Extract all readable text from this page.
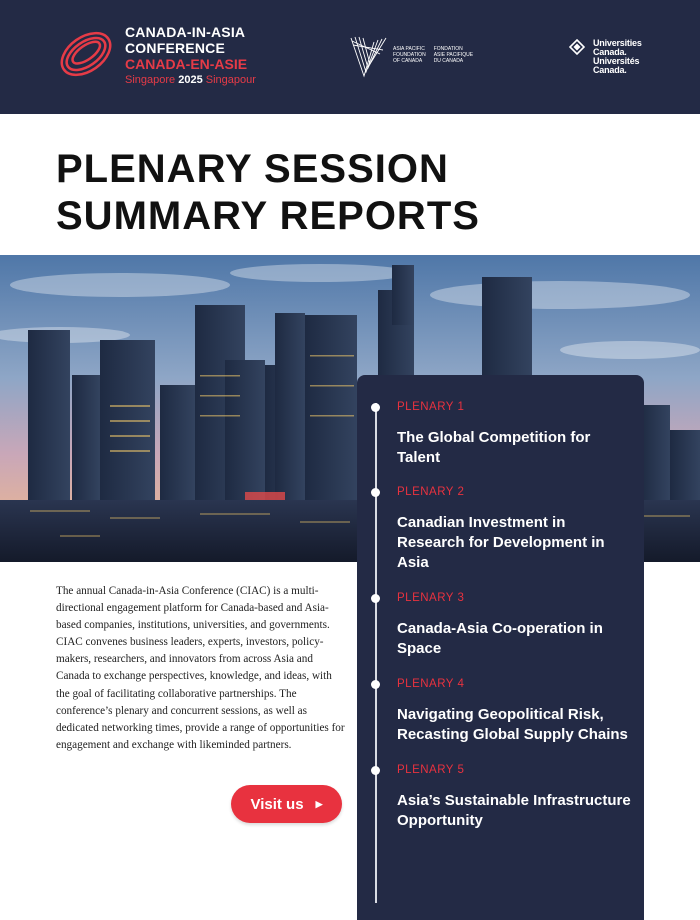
CANADA-IN-ASIA
CONFERENCE
CANADA-EN-ASIE
Singapore 2025 Singapour
ASIA PACIFIC
FOUNDATION
OF CANADA
FONDATION
ASIE PACIFIQUE
DU CANADA
Universities
Canada.
Universités
Canada.
PLENARY SESSION
SUMMARY REPORTS

The annual Canada-in-Asia Conference (CIAC) is a multi-directional engagement platform for Canada-based and Asia-based companies, institutions, universities, and governments. CIAC convenes business leaders, experts, investors, policy-makers, researchers, and innovators from across Asia and Canada to exchange perspectives, knowledge, and ideas, with the goal of facilitating collaborative partnerships. The conference’s plenary and concurrent sessions, as well as dedicated networking times, provide a range of opportunities for engagement and exchange with likeminded partners.

Visit us ▶
PLENARY 1
The Global Competition for Talent
PLENARY 2
Canadian Investment in Research for Development in Asia
PLENARY 3
Canada-Asia Co-operation in Space
PLENARY 4
Navigating Geopolitical Risk, Recasting Global Supply Chains
PLENARY 5
Asia’s Sustainable Infrastructure Opportunity
